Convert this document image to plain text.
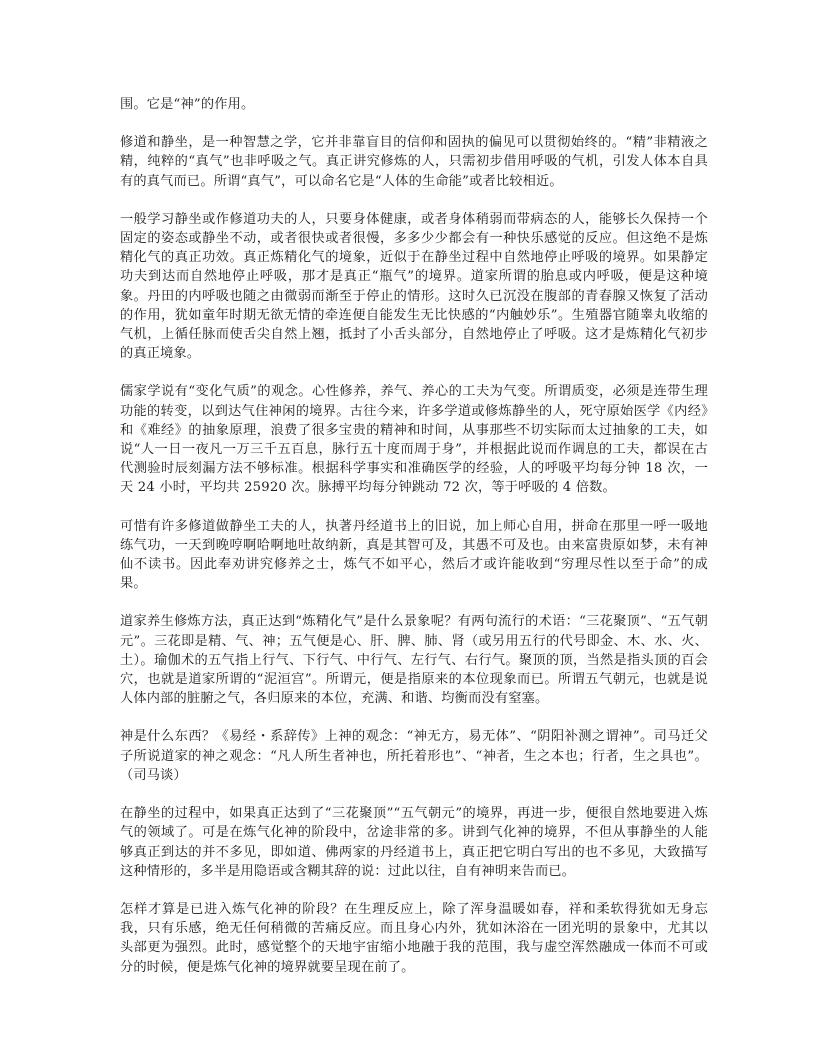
围。它是“神”的作用。

修道和静坐，是一种智慧之学，它并非靠盲目的信仰和固执的偏见可以贯彻始终的。“精”非精液之精，纯粹的“真气”也非呼吸之气。真正讲究修炼的人，只需初步借用呼吸的气机，引发人体本自具有的真气而已。所谓“真气”，可以命名它是“人体的生命能”或者比较相近。

一般学习静坐或作修道功夫的人，只要身体健康，或者身体稍弱而带病态的人，能够长久保持一个固定的姿态或静坐不动，或者很快或者很慢，多多少少都会有一种快乐感觉的反应。但这绝不是炼精化气的真正功效。真正炼精化气的境象，近似于在静坐过程中自然地停止呼吸的境界。如果静定功夫到达而自然地停止呼吸，那才是真正“瓶气”的境界。道家所谓的胎息或内呼吸，便是这种境象。丹田的内呼吸也随之由微弱而渐至于停止的情形。这时久已沉没在腹部的青春腺又恢复了活动的作用，犹如童年时期无欲无情的牵连便自能发生无比快感的“内触妙乐”。生殖器官随睾丸收缩的气机，上循任脉而使舌尖自然上翘，抵封了小舌头部分，自然地停止了呼吸。这才是炼精化气初步的真正境象。

儒家学说有“变化气质”的观念。心性修养，养气、养心的工夫为气变。所谓质变，必须是连带生理功能的转变，以到达气住神闲的境界。古往今来，许多学道或修炼静坐的人，死守原始医学《内经》和《难经》的抽象原理，浪费了很多宝贵的精神和时间，从事那些不切实际而太过抽象的工夫，如说“人一日一夜凡一万三千五百息，脉行五十度而周于身”，并根据此说而作调息的工夫，都误在古代测验时辰刻漏方法不够标准。根据科学事实和准确医学的经验，人的呼吸平均每分钟 18 次，一天 24 小时，平均共 25920 次。脉搏平均每分钟跳动 72 次，等于呼吸的 4 倍数。

可惜有许多修道做静坐工夫的人，执著丹经道书上的旧说，加上师心自用，拼命在那里一呼一吸地练气功，一天到晚哼啊哈啊地吐故纳新，真是其智可及，其愚不可及也。由来富贵原如梦，未有神仙不读书。因此奉劝讲究修养之士，炼气不如平心，然后才或许能收到“穷理尽性以至于命”的成果。

道家养生修炼方法，真正达到“炼精化气”是什么景象呢？有两句流行的术语：“三花聚顶”、“五气朝元”。三花即是精、气、神；五气便是心、肝、脾、肺、肾（或另用五行的代号即金、木、水、火、土）。瑜伽术的五气指上行气、下行气、中行气、左行气、右行气。聚顶的顶，当然是指头顶的百会穴，也就是道家所谓的“泥洹宫”。所谓元，便是指原来的本位现象而已。所谓五气朝元，也就是说人体内部的脏腑之气，各归原来的本位，充满、和谐、均衡而没有窒塞。

神是什么东西？《易经・系辞传》上神的观念：“神无方，易无体”、“阴阳补测之谓神”。司马迁父子所说道家的神之观念：“凡人所生者神也，所托着形也”、“神者，生之本也；行者，生之具也”。（司马谈）

在静坐的过程中，如果真正达到了“三花聚顶”“五气朝元”的境界，再进一步，便很自然地要进入炼气的领域了。可是在炼气化神的阶段中，岔途非常的多。讲到气化神的境界，不但从事静坐的人能够真正到达的并不多见，即如道、佛两家的丹经道书上，真正把它明白写出的也不多见，大致描写这种情形的，多半是用隐语或含糊其辞的说：过此以往，自有神明来告而已。

怎样才算是已进入炼气化神的阶段？在生理反应上，除了浑身温暖如春，祥和柔软得犹如无身忘我，只有乐感，绝无任何稍微的苦痛反应。而且身心内外，犹如沐浴在一团光明的景象中，尤其以头部更为强烈。此时，感觉整个的天地宇宙缩小地融于我的范围，我与虚空浑然融成一体而不可或分的时候，便是炼气化神的境界就要呈现在前了。
